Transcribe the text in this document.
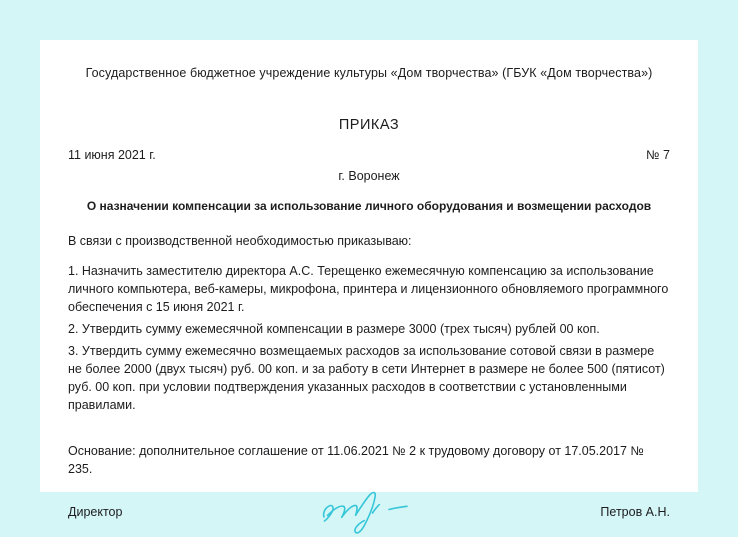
Государственное бюджетное учреждение культуры «Дом творчества» (ГБУК «Дом творчества»)
ПРИКАЗ
11 июня 2021 г.	№ 7
г. Воронеж
О назначении компенсации за использование личного оборудования и возмещении расходов

В связи с производственной необходимостью приказываю:

1. Назначить заместителю директора А.С. Терещенко ежемесячную компенсацию за использование личного компьютера, веб-камеры, микрофона, принтера и лицензионного обновляемого программного обеспечения с 15 июня 2021 г.

2. Утвердить сумму ежемесячной компенсации в размере 3000 (трех тысяч) рублей 00 коп.

3. Утвердить сумму ежемесячно возмещаемых расходов за использование сотовой связи в размере не более 2000 (двух тысяч) руб. 00 коп. и за работу в сети Интернет в размере не более 500 (пятисот) руб. 00 коп. при условии подтверждения указанных расходов в соответствии с установленными правилами.

Основание: дополнительное соглашение от 11.06.2021 № 2 к трудовому договору от 17.05.2017 № 235.

Директор	Петров А.Н.
